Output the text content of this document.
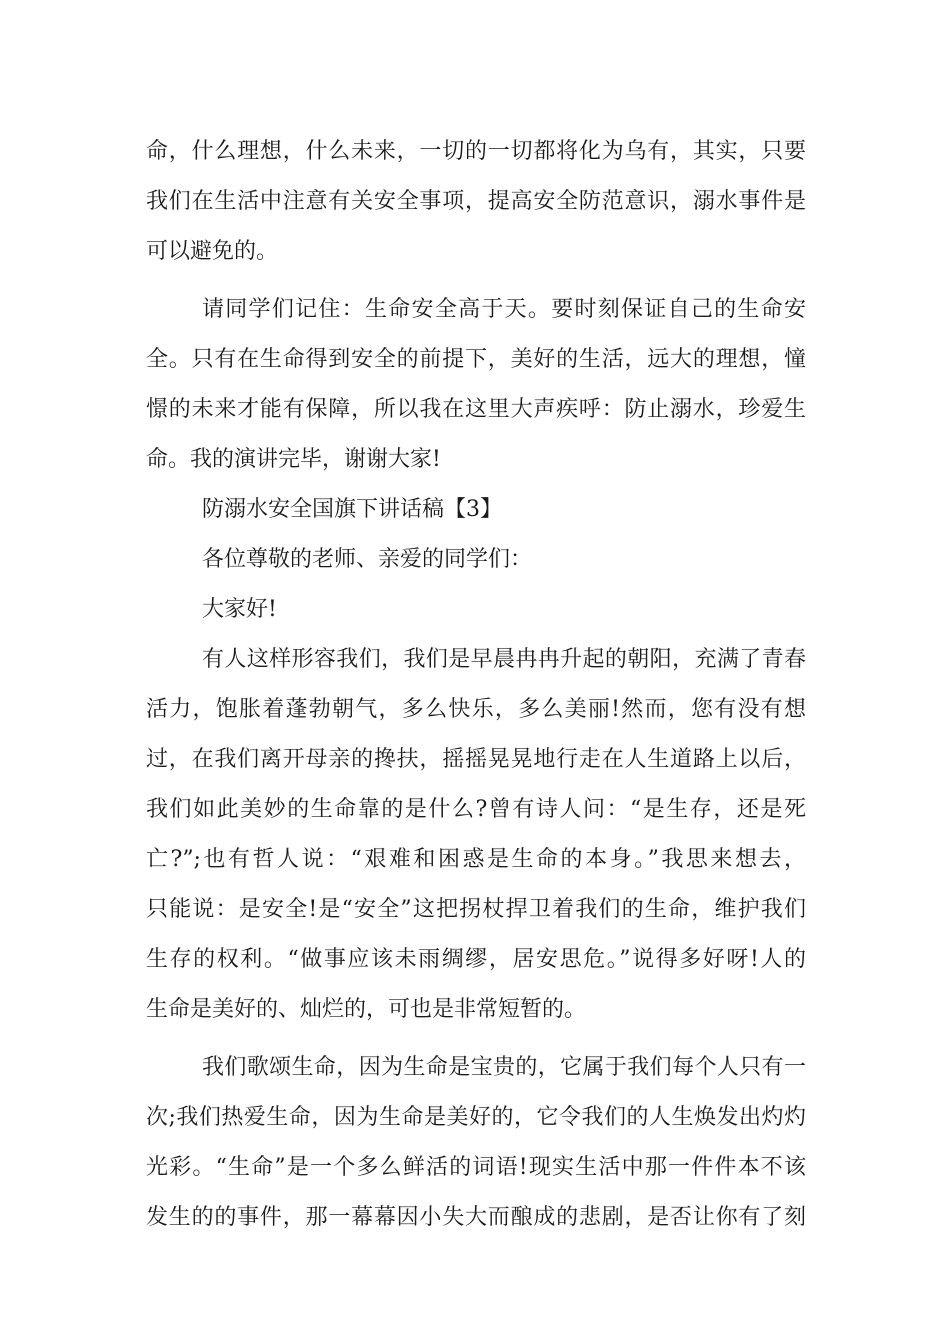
命，什么理想，什么未来，一切的一切都将化为乌有，其实，只要
我们在生活中注意有关安全事项，提高安全防范意识，溺水事件是
可以避免的。
请同学们记住：生命安全高于天。要时刻保证自己的生命安
全。只有在生命得到安全的前提下，美好的生活，远大的理想，憧
憬的未来才能有保障，所以我在这里大声疾呼：防止溺水，珍爱生
命。我的演讲完毕，谢谢大家!
防溺水安全国旗下讲话稿【3】
各位尊敬的老师、亲爱的同学们：
大家好!
有人这样形容我们，我们是早晨冉冉升起的朝阳，充满了青春
活力，饱胀着蓬勃朝气，多么快乐，多么美丽!然而，您有没有想
过，在我们离开母亲的搀扶，摇摇晃晃地行走在人生道路上以后，
我们如此美妙的生命靠的是什么?曾有诗人问：“是生存，还是死
亡?”;也有哲人说：“艰难和困惑是生命的本身。”我思来想去，
只能说：是安全!是“安全”这把拐杖捍卫着我们的生命，维护我们
生存的权利。“做事应该未雨绸缪，居安思危。”说得多好呀!人的
生命是美好的、灿烂的，可也是非常短暂的。
我们歌颂生命，因为生命是宝贵的，它属于我们每个人只有一
次;我们热爱生命，因为生命是美好的，它令我们的人生焕发出灼灼
光彩。“生命”是一个多么鲜活的词语!现实生活中那一件件本不该
发生的的事件，那一幕幕因小失大而酿成的悲剧，是否让你有了刻
